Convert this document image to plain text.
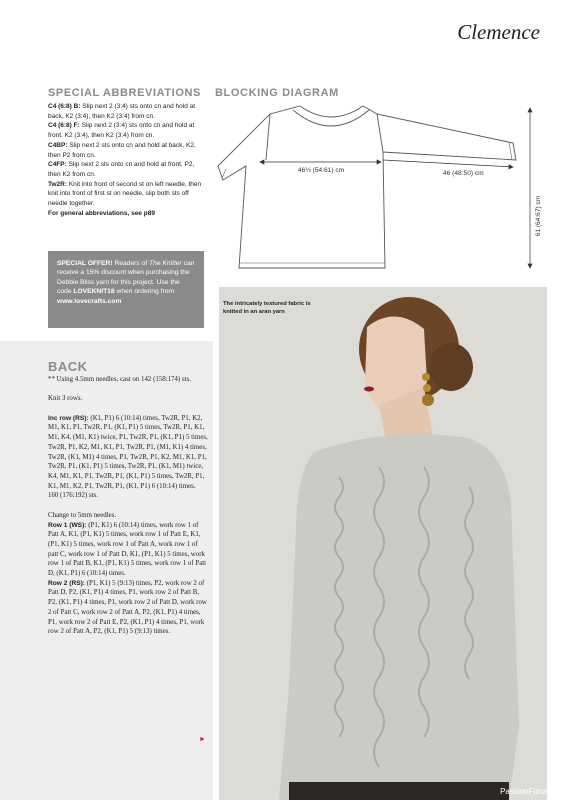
Clemence
SPECIAL ABBREVIATIONS

C4 (6:8) B: Slip next 2 (3:4) sts onto cn and hold at back, K2 (3:4), then K2 (3:4) from cn.

C4 (6:8) F: Slip next 2 (3:4) sts onto cn and hold at front, K2 (3:4), then K2 (3:4) from cn.

C4BP: Slip next 2 sts onto cn and hold at back, K2, then P2 from cn.

C4FP: Slip next 2 sts onto cn and hold at front, P2, then K2 from cn.

Tw2R: Knit into front of second st on left needle, then knit into front of first st on needle, slip both sts off needle together.

For general abbreviations, see p89

SPECIAL OFFER! Readers of The Knitter can receive a 15% discount when purchasing the Debbie Bliss yarn for this project. Use the code LOVEKNIT18 when ordering from www.lovecrafts.com
BLOCKING DIAGRAM
46½ (54:61) cm	46 (48:50) cm
61 (64:67) cm
BACK

** Using 4.5mm needles, cast on 142 (158:174) sts.

Knit 3 rows.

Inc row (RS): (K1, P1) 6 (10:14) times, Tw2R, P1, K2, M1, K1, P1, Tw2R, P1, (K1, P1) 5 times, Tw2R, P1, K1, M1, K4, (M1, K1) twice, P1, Tw2R, P1, (K1, P1) 5 times, Tw2R, P1, K2, M1, K1, P1, Tw2R, P1, (M1, K1) 4 times, Tw2R, (K1, M1) 4 times, P1, Tw2R, P1, K2, M1, K1, P1, Tw2R, P1, (K1, P1) 5 times, Tw2R, P1, (K1, M1) twice, K4, M1, K1, P1, Tw2R, P1, (K1, P1) 5 times, Tw2R, P1, K1, M1, K2, P1, Tw2R, P1, (K1, P1) 6 (10:14) times.

160 (176:192) sts.

Change to 5mm needles.

Row 1 (WS): (P1, K1) 6 (10:14) times, work row 1 of Patt A, K1, (P1, K1) 5 times, work row 1 of Patt E, K1, (P1, K1) 5 times, work row 1 of Patt A, work row 1 of patt C, work row 1 of Patt D, K1, (P1, K1) 5 times, work row 1 of Patt B, K1, (P1, K1) 5 times, work row 1 of Patt D, (K1, P1) 6 (10:14) times.

Row 2 (RS): (P1, K1) 5 (9:13) times, P2, work row 2 of Patt D, P2, (K1, P1) 4 times, P1, work row 2 of Patt B, P2, (K1, P1) 4 times, P1, work row 2 of Patt D, work row 2 of Patt C, work row 2 of Patt A, P2, (K1, P1) 4 times, P1, work row 2 of Patt E, P2, (K1, P1) 4 times, P1, work row 2 of Patt A, P2, (K1, P1) 5 (9:13) times.

►
The intricately textured fabric is knitted in an aran yarn
PassionForum.ru
